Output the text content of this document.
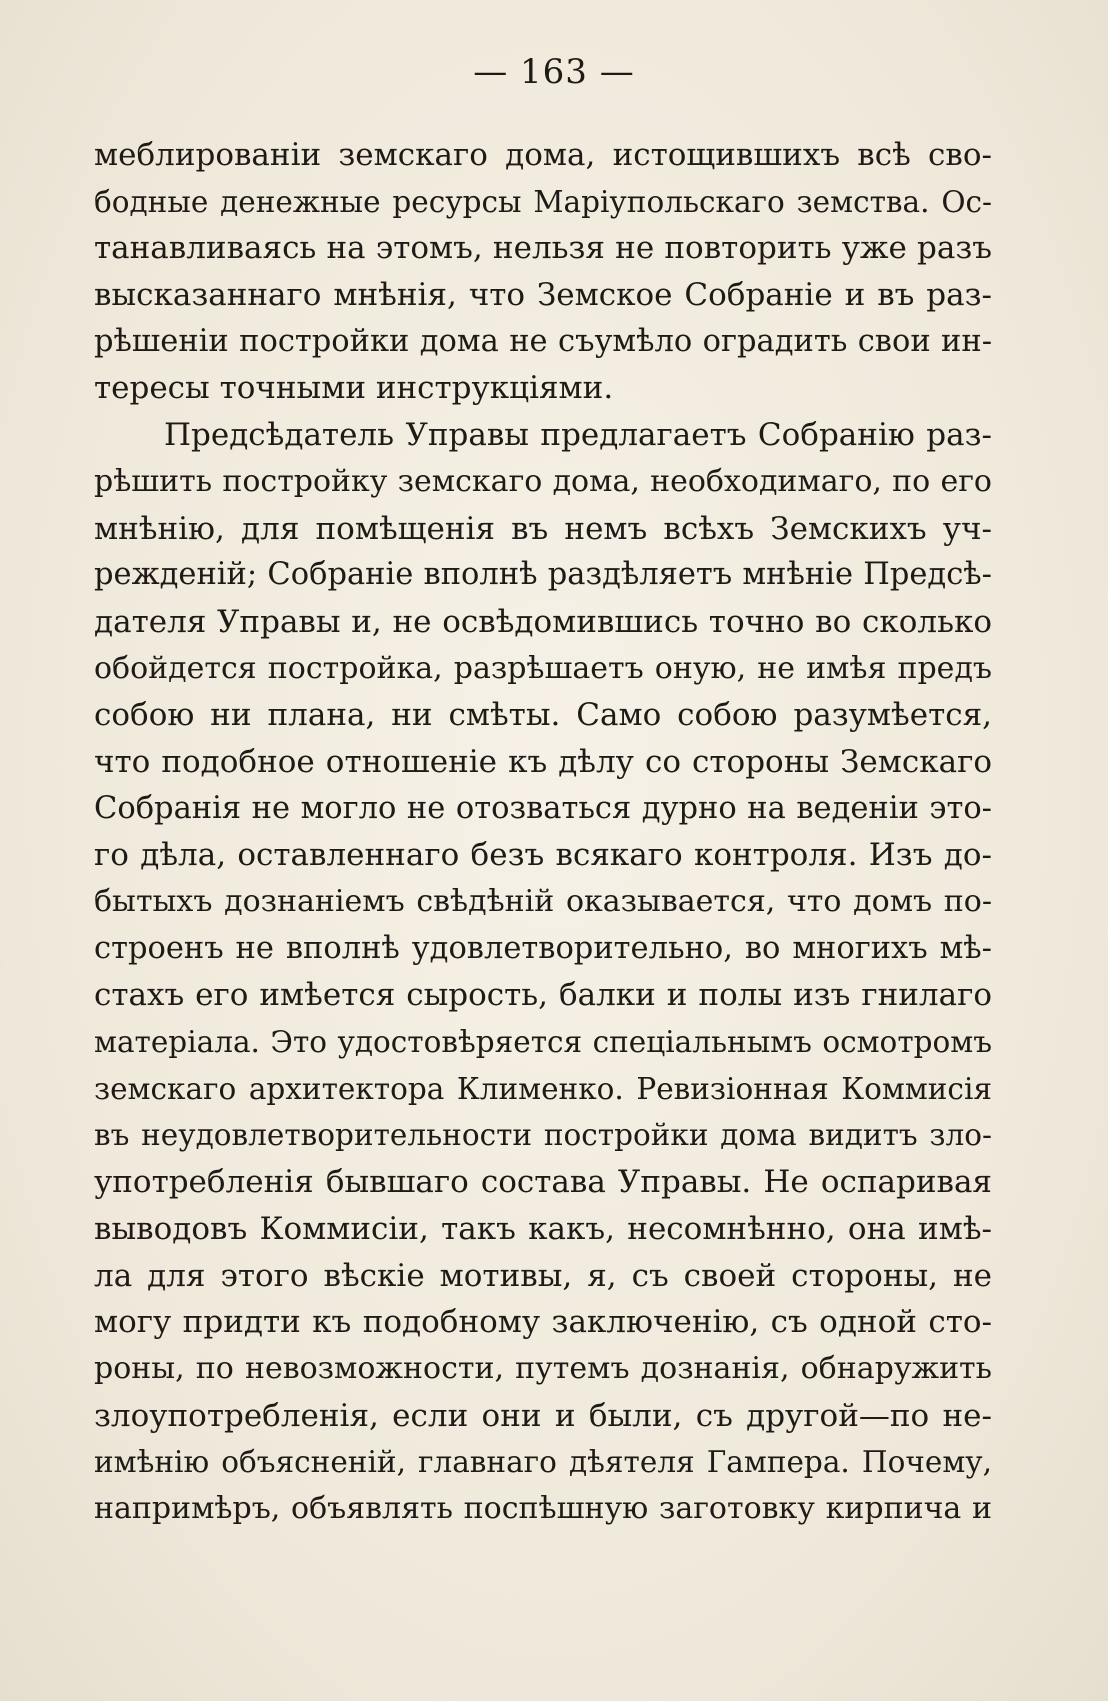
— 163 —
меблированіи земскаго дома, истощившихъ всѣ сво-
бодные денежные ресурсы Маріупольскаго земства. Ос-
танавливаясь на этомъ, нельзя не повторить уже разъ
высказаннаго мнѣнія, что Земское Собраніе и въ раз-
рѣшеніи постройки дома не съумѣло оградить свои ин-
тересы точными инструкціями.
Предсѣдатель Управы предлагаетъ Собранію раз-
рѣшить постройку земскаго дома, необходимаго, по его
мнѣнію, для помѣщенія въ немъ всѣхъ Земскихъ уч-
режденій; Собраніе вполнѣ раздѣляетъ мнѣніе Предсѣ-
дателя Управы и, не освѣдомившись точно во сколько
обойдется постройка, разрѣшаетъ оную, не имѣя предъ
собою ни плана, ни смѣты. Само собою разумѣется,
что подобное отношеніе къ дѣлу со стороны Земскаго
Собранія не могло не отозваться дурно на веденіи это-
го дѣла, оставленнаго безъ всякаго контроля. Изъ до-
бытыхъ дознаніемъ свѣдѣній оказывается, что домъ по-
строенъ не вполнѣ удовлетворительно, во многихъ мѣ-
стахъ его имѣется сырость, балки и полы изъ гнилаго
матеріала. Это удостовѣряется спеціальнымъ осмотромъ
земскаго архитектора Клименко. Ревизіонная Коммисія
въ неудовлетворительности постройки дома видитъ зло-
употребленія бывшаго состава Управы. Не оспаривая
выводовъ Коммисіи, такъ какъ, несомнѣнно, она имѣ-
ла для этого вѣскіе мотивы, я, съ своей стороны, не
могу придти къ подобному заключенію, съ одной сто-
роны, по невозможности, путемъ дознанія, обнаружить
злоупотребленія, если они и были, съ другой—по не-
имѣнію объясненій, главнаго дѣятеля Гампера. Почему,
напримѣръ, объявлять поспѣшную заготовку кирпича и
